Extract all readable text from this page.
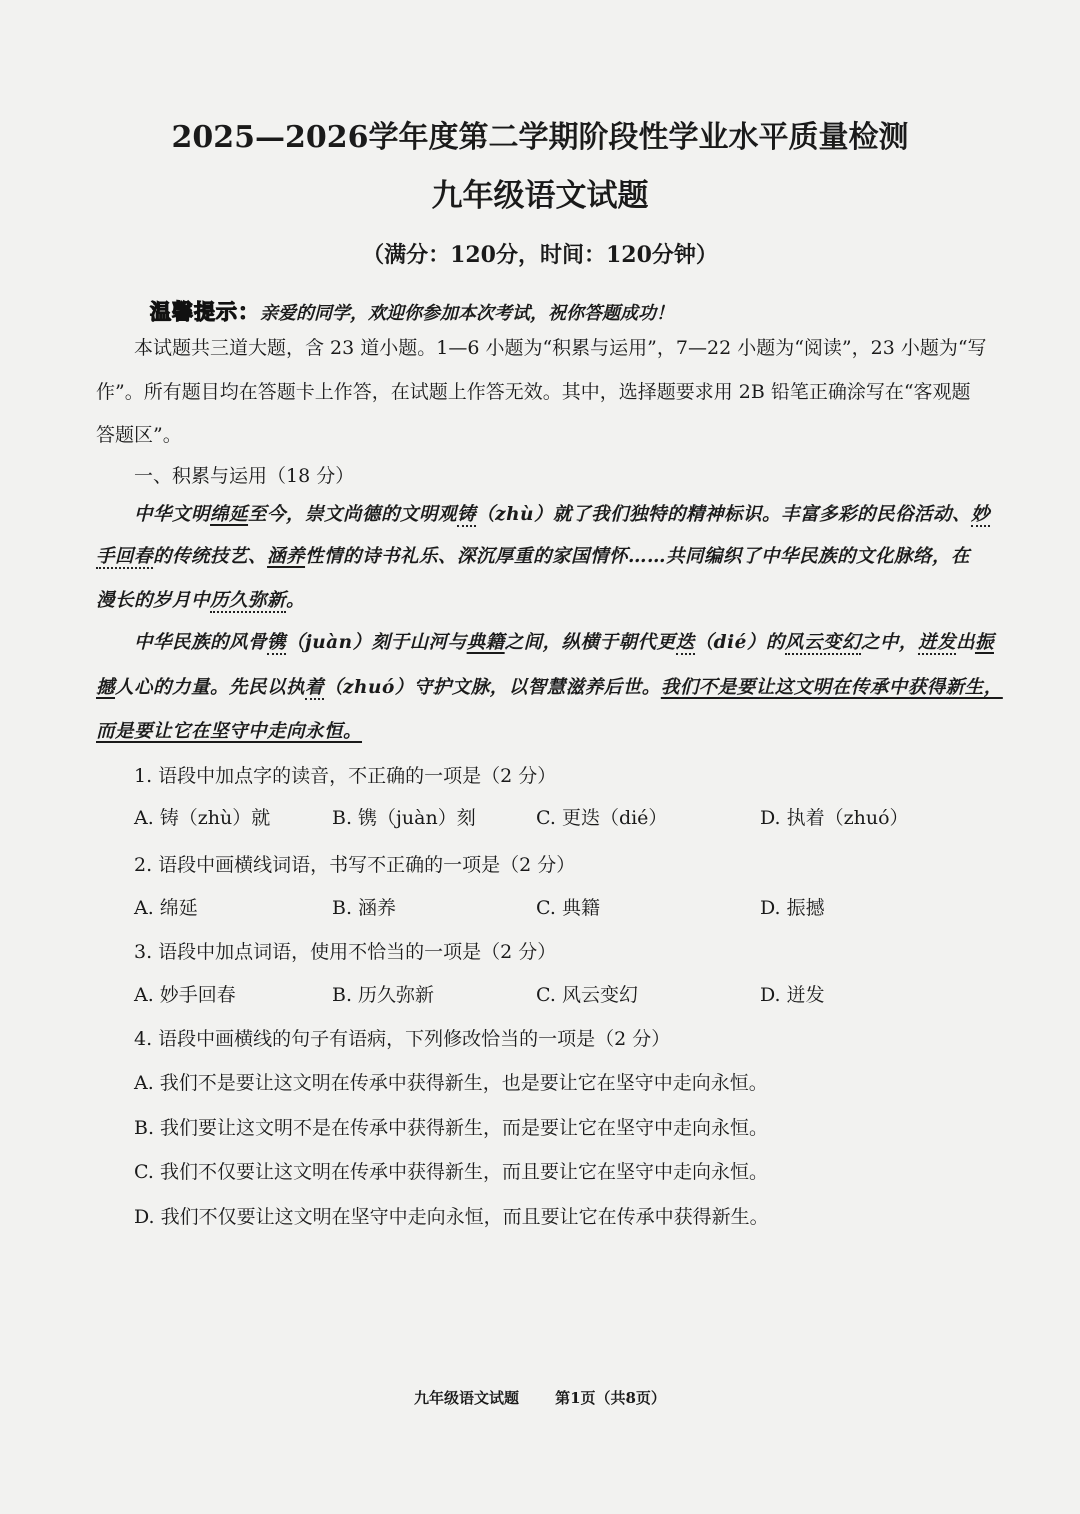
2025—2026学年度第二学期阶段性学业水平质量检测
九年级语文试题
（满分：120分，时间：120分钟）
温馨提示：亲爱的同学，欢迎你参加本次考试，祝你答题成功！
本试题共三道大题，含 23 道小题。1—6 小题为“积累与运用”，7—22 小题为“阅读”，23 小题为“写
作”。所有题目均在答题卡上作答，在试题上作答无效。其中，选择题要求用 2B 铅笔正确涂写在“客观题
答题区”。
一、积累与运用（18 分）
中华文明绵延至今，崇文尚德的文明观铸（zhù）就了我们独特的精神标识。丰富多彩的民俗活动、妙
手回春的传统技艺、涵养性情的诗书礼乐、深沉厚重的家国情怀……共同编织了中华民族的文化脉络，在
漫长的岁月中历久弥新。
中华民族的风骨镌（juàn）刻于山河与典籍之间，纵横于朝代更迭（dié）的风云变幻之中，迸发出振
撼人心的力量。先民以执着（zhuó）守护文脉，以智慧滋养后世。我们不是要让这文明在传承中获得新生，
而是要让它在坚守中走向永恒。
1. 语段中加点字的读音，不正确的一项是（2 分）
A. 铸（zhù）就	B. 镌（juàn）刻	C. 更迭（dié）	D. 执着（zhuó）
2. 语段中画横线词语，书写不正确的一项是（2 分）
A. 绵延	B. 涵养	C. 典籍	D. 振撼
3. 语段中加点词语，使用不恰当的一项是（2 分）
A. 妙手回春	B. 历久弥新	C. 风云变幻	D. 迸发
4. 语段中画横线的句子有语病，下列修改恰当的一项是（2 分）
A. 我们不是要让这文明在传承中获得新生，也是要让它在坚守中走向永恒。
B. 我们要让这文明不是在传承中获得新生，而是要让它在坚守中走向永恒。
C. 我们不仅要让这文明在传承中获得新生，而且要让它在坚守中走向永恒。
D. 我们不仅要让这文明在坚守中走向永恒，而且要让它在传承中获得新生。
九年级语文试题 第1页（共8页）
